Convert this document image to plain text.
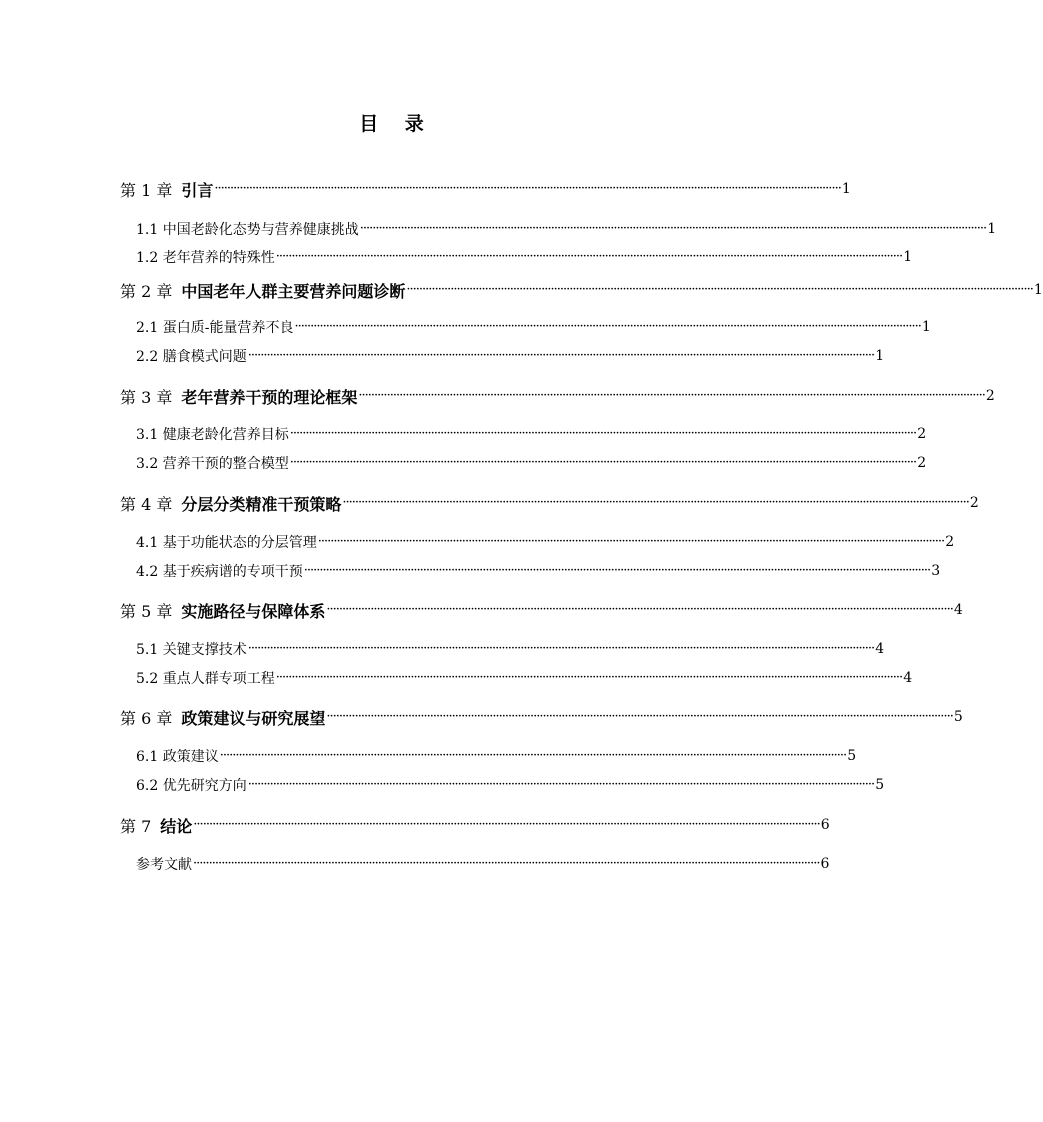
目 录
第 1 章 引言 ········································································································································································································ 1
1.1 中国老龄化态势与营养健康挑战 ········································································································································································································ 1
1.2 老年营养的特殊性 ········································································································································································································ 1
第 2 章 中国老年人群主要营养问题诊断 ········································································································································································································ 1
2.1 蛋白质-能量营养不良 ········································································································································································································ 1
2.2 膳食模式问题 ········································································································································································································ 1
第 3 章 老年营养干预的理论框架 ········································································································································································································ 2
3.1 健康老龄化营养目标 ········································································································································································································ 2
3.2 营养干预的整合模型 ········································································································································································································ 2
第 4 章 分层分类精准干预策略 ········································································································································································································ 2
4.1 基于功能状态的分层管理 ········································································································································································································ 2
4.2 基于疾病谱的专项干预 ········································································································································································································ 3
第 5 章 实施路径与保障体系 ········································································································································································································ 4
5.1 关键支撑技术 ········································································································································································································ 4
5.2 重点人群专项工程 ········································································································································································································ 4
第 6 章 政策建议与研究展望 ········································································································································································································ 5
6.1 政策建议 ········································································································································································································ 5
6.2 优先研究方向 ········································································································································································································ 5
第 7 结论 ········································································································································································································ 6
参考文献 ········································································································································································································ 6
